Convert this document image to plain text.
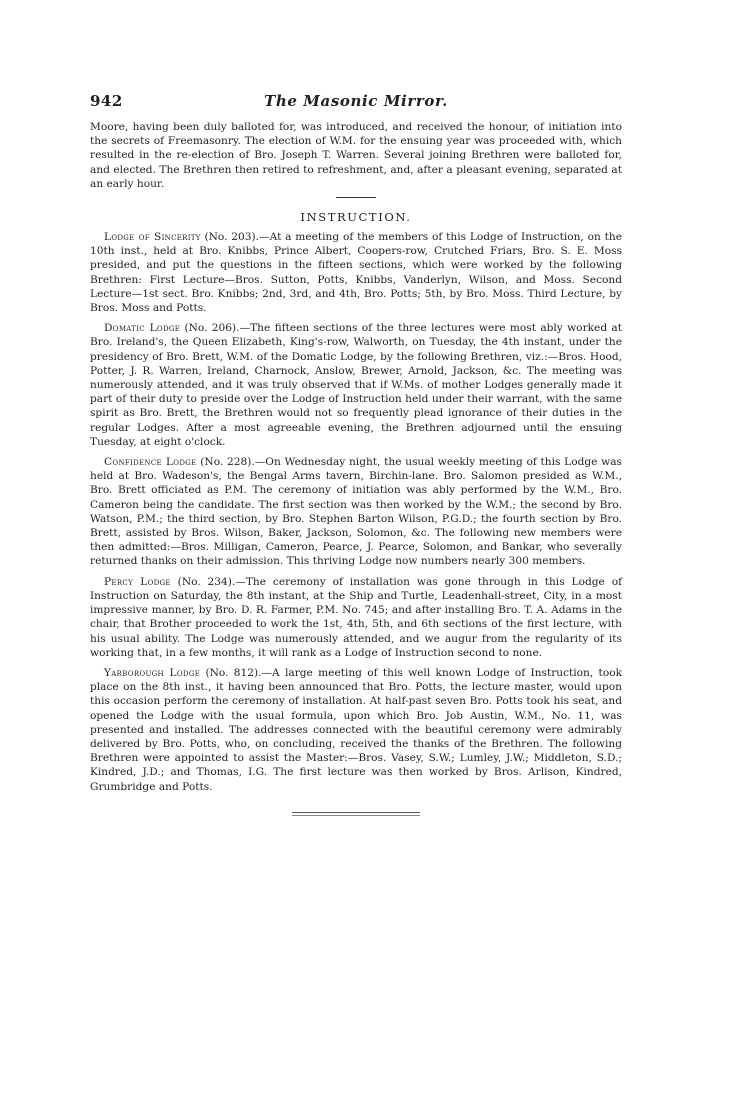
942	The Masonic Mirror.

Moore, having been duly balloted for, was introduced, and received the honour, of initiation into the secrets of Freemasonry. The election of W.M. for the ensuing year was proceeded with, which resulted in the re-election of Bro. Joseph T. Warren. Several joining Brethren were balloted for, and elected. The Brethren then retired to refreshment, and, after a pleasant evening, separated at an early hour.

INSTRUCTION.

Lodge of Sincerity (No. 203).—At a meeting of the members of this Lodge of Instruction, on the 10th inst., held at Bro. Knibbs, Prince Albert, Coopers-row, Crutched Friars, Bro. S. E. Moss presided, and put the questions in the fifteen sections, which were worked by the following Brethren: First Lecture—Bros. Sutton, Potts, Knibbs, Vanderlyn, Wilson, and Moss. Second Lecture—1st sect. Bro. Knibbs; 2nd, 3rd, and 4th, Bro. Potts; 5th, by Bro. Moss. Third Lecture, by Bros. Moss and Potts.

Domatic Lodge (No. 206).—The fifteen sections of the three lectures were most ably worked at Bro. Ireland's, the Queen Elizabeth, King's-row, Walworth, on Tuesday, the 4th instant, under the presidency of Bro. Brett, W.M. of the Domatic Lodge, by the following Brethren, viz.:—Bros. Hood, Potter, J. R. Warren, Ireland, Charnock, Anslow, Brewer, Arnold, Jackson, &c. The meeting was numerously attended, and it was truly observed that if W.Ms. of mother Lodges generally made it part of their duty to preside over the Lodge of Instruction held under their warrant, with the same spirit as Bro. Brett, the Brethren would not so frequently plead ignorance of their duties in the regular Lodges. After a most agreeable evening, the Brethren adjourned until the ensuing Tuesday, at eight o'clock.

Confidence Lodge (No. 228).—On Wednesday night, the usual weekly meeting of this Lodge was held at Bro. Wadeson's, the Bengal Arms tavern, Birchin-lane. Bro. Salomon presided as W.M., Bro. Brett officiated as P.M. The ceremony of initiation was ably performed by the W.M., Bro. Cameron being the candidate. The first section was then worked by the W.M.; the second by Bro. Watson, P.M.; the third section, by Bro. Stephen Barton Wilson, P.G.D.; the fourth section by Bro. Brett, assisted by Bros. Wilson, Baker, Jackson, Solomon, &c. The following new members were then admitted:—Bros. Milligan, Cameron, Pearce, J. Pearce, Solomon, and Bankar, who severally returned thanks on their admission. This thriving Lodge now numbers nearly 300 members.

Percy Lodge (No. 234).—The ceremony of installation was gone through in this Lodge of Instruction on Saturday, the 8th instant, at the Ship and Turtle, Leadenhall-street, City, in a most impressive manner, by Bro. D. R. Farmer, P.M. No. 745; and after installing Bro. T. A. Adams in the chair, that Brother proceeded to work the 1st, 4th, 5th, and 6th sections of the first lecture, with his usual ability. The Lodge was numerously attended, and we augur from the regularity of its working that, in a few months, it will rank as a Lodge of Instruction second to none.

Yarborough Lodge (No. 812).—A large meeting of this well known Lodge of Instruction, took place on the 8th inst., it having been announced that Bro. Potts, the lecture master, would upon this occasion perform the ceremony of installation. At half-past seven Bro. Potts took his seat, and opened the Lodge with the usual formula, upon which Bro. Job Austin, W.M., No. 11, was presented and installed. The addresses connected with the beautiful ceremony were admirably delivered by Bro. Potts, who, on concluding, received the thanks of the Brethren. The following Brethren were appointed to assist the Master:—Bros. Vasey, S.W.; Lumley, J.W.; Middleton, S.D.; Kindred, J.D.; and Thomas, I.G. The first lecture was then worked by Bros. Arlison, Kindred, Grumbridge and Potts.
